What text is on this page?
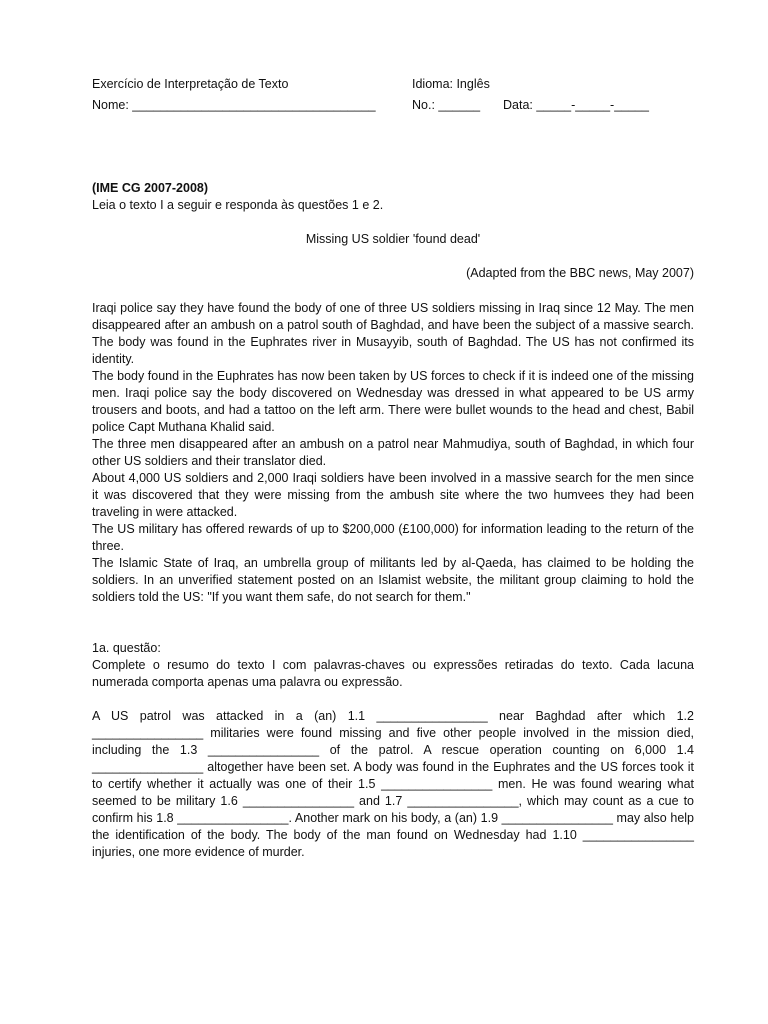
Exercício de Interpretação de Texto	Idioma: Inglês
Nome: ___________________________________	No.: ______ Data: _____-_____-_____
(IME CG 2007-2008)
Leia o texto I a seguir e responda às questões 1 e 2.
Missing US soldier 'found dead'
(Adapted from the BBC news, May 2007)

Iraqi police say they have found the body of one of three US soldiers missing in Iraq since 12 May. The men disappeared after an ambush on a patrol south of Baghdad, and have been the subject of a massive search. The body was found in the Euphrates river in Musayyib, south of Baghdad. The US has not confirmed its identity.

The body found in the Euphrates has now been taken by US forces to check if it is indeed one of the missing men. Iraqi police say the body discovered on Wednesday was dressed in what appeared to be US army trousers and boots, and had a tattoo on the left arm. There were bullet wounds to the head and chest, Babil police Capt Muthana Khalid said.

The three men disappeared after an ambush on a patrol near Mahmudiya, south of Baghdad, in which four other US soldiers and their translator died.

About 4,000 US soldiers and 2,000 Iraqi soldiers have been involved in a massive search for the men since it was discovered that they were missing from the ambush site where the two humvees they had been traveling in were attacked.

The US military has offered rewards of up to $200,000 (£100,000) for information leading to the return of the three.

The Islamic State of Iraq, an umbrella group of militants led by al-Qaeda, has claimed to be holding the soldiers. In an unverified statement posted on an Islamist website, the militant group claiming to hold the soldiers told the US: "If you want them safe, do not search for them."

1a. questão:
Complete o resumo do texto I com palavras-chaves ou expressões retiradas do texto. Cada lacuna numerada comporta apenas uma palavra ou expressão.
A US patrol was attacked in a (an) 1.1 ________________ near Baghdad after which 1.2 ________________ militaries were found missing and five other people involved in the mission died, including the 1.3 ________________ of the patrol. A rescue operation counting on 6,000 1.4 ________________ altogether have been set. A body was found in the Euphrates and the US forces took it to certify whether it actually was one of their 1.5 ________________ men. He was found wearing what seemed to be military 1.6 ________________ and 1.7 ________________, which may count as a cue to confirm his 1.8 ________________. Another mark on his body, a (an) 1.9 ________________ may also help the identification of the body. The body of the man found on Wednesday had 1.10 ________________ injuries, one more evidence of murder.
